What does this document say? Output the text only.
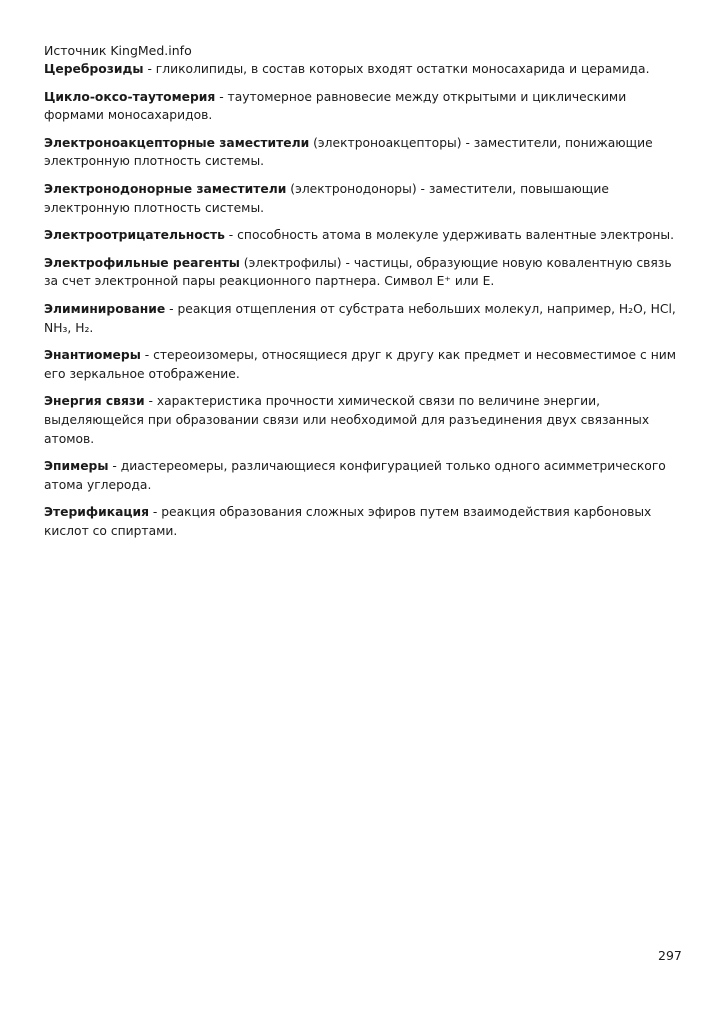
Источник KingMed.info

Цереброзиды - гликолипиды, в состав которых входят остатки моносахарида и церамида.

Цикло-оксо-таутомерия - таутомерное равновесие между открытыми и циклическими формами моносахаридов.

Электроноакцепторные заместители (электроноакцепторы) - заместители, понижающие электронную плотность системы.

Электронодонорные заместители (электронодоноры) - заместители, повышающие электронную плотность системы.

Электроотрицательность - способность атома в молекуле удерживать валентные электроны.

Электрофильные реагенты (электрофилы) - частицы, образующие новую ковалентную связь за счет электронной пары реакционного партнера. Символ E⁺ или E.

Элиминирование - реакция отщепления от субстрата небольших молекул, например, H₂O, HCl, NH₃, H₂.

Энантиомеры - стереоизомеры, относящиеся друг к другу как предмет и несовместимое с ним его зеркальное отображение.

Энергия связи - характеристика прочности химической связи по величине энергии, выделяющейся при образовании связи или необходимой для разъединения двух связанных атомов.

Эпимеры - диастереомеры, различающиеся конфигурацией только одного асимметрического атома углерода.

Этерификация - реакция образования сложных эфиров путем взаимодействия карбоновых кислот со спиртами.

297
